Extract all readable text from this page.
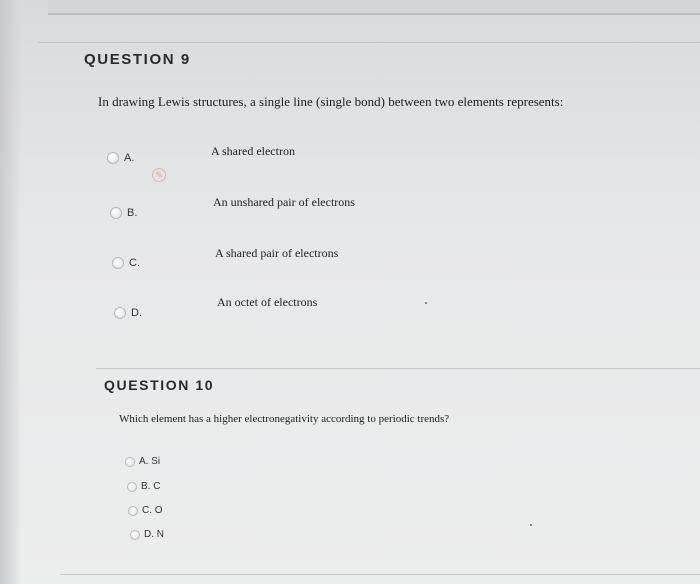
QUESTION 9
In drawing Lewis structures, a single line (single bond) between two elements represents:
A.	A shared electron
✎
B.
An unshared pair of electrons
C.
A shared pair of electrons
D.
An octet of electrons
QUESTION 10
Which element has a higher electronegativity according to periodic trends?
A. Si
B. C
C. O
D. N
